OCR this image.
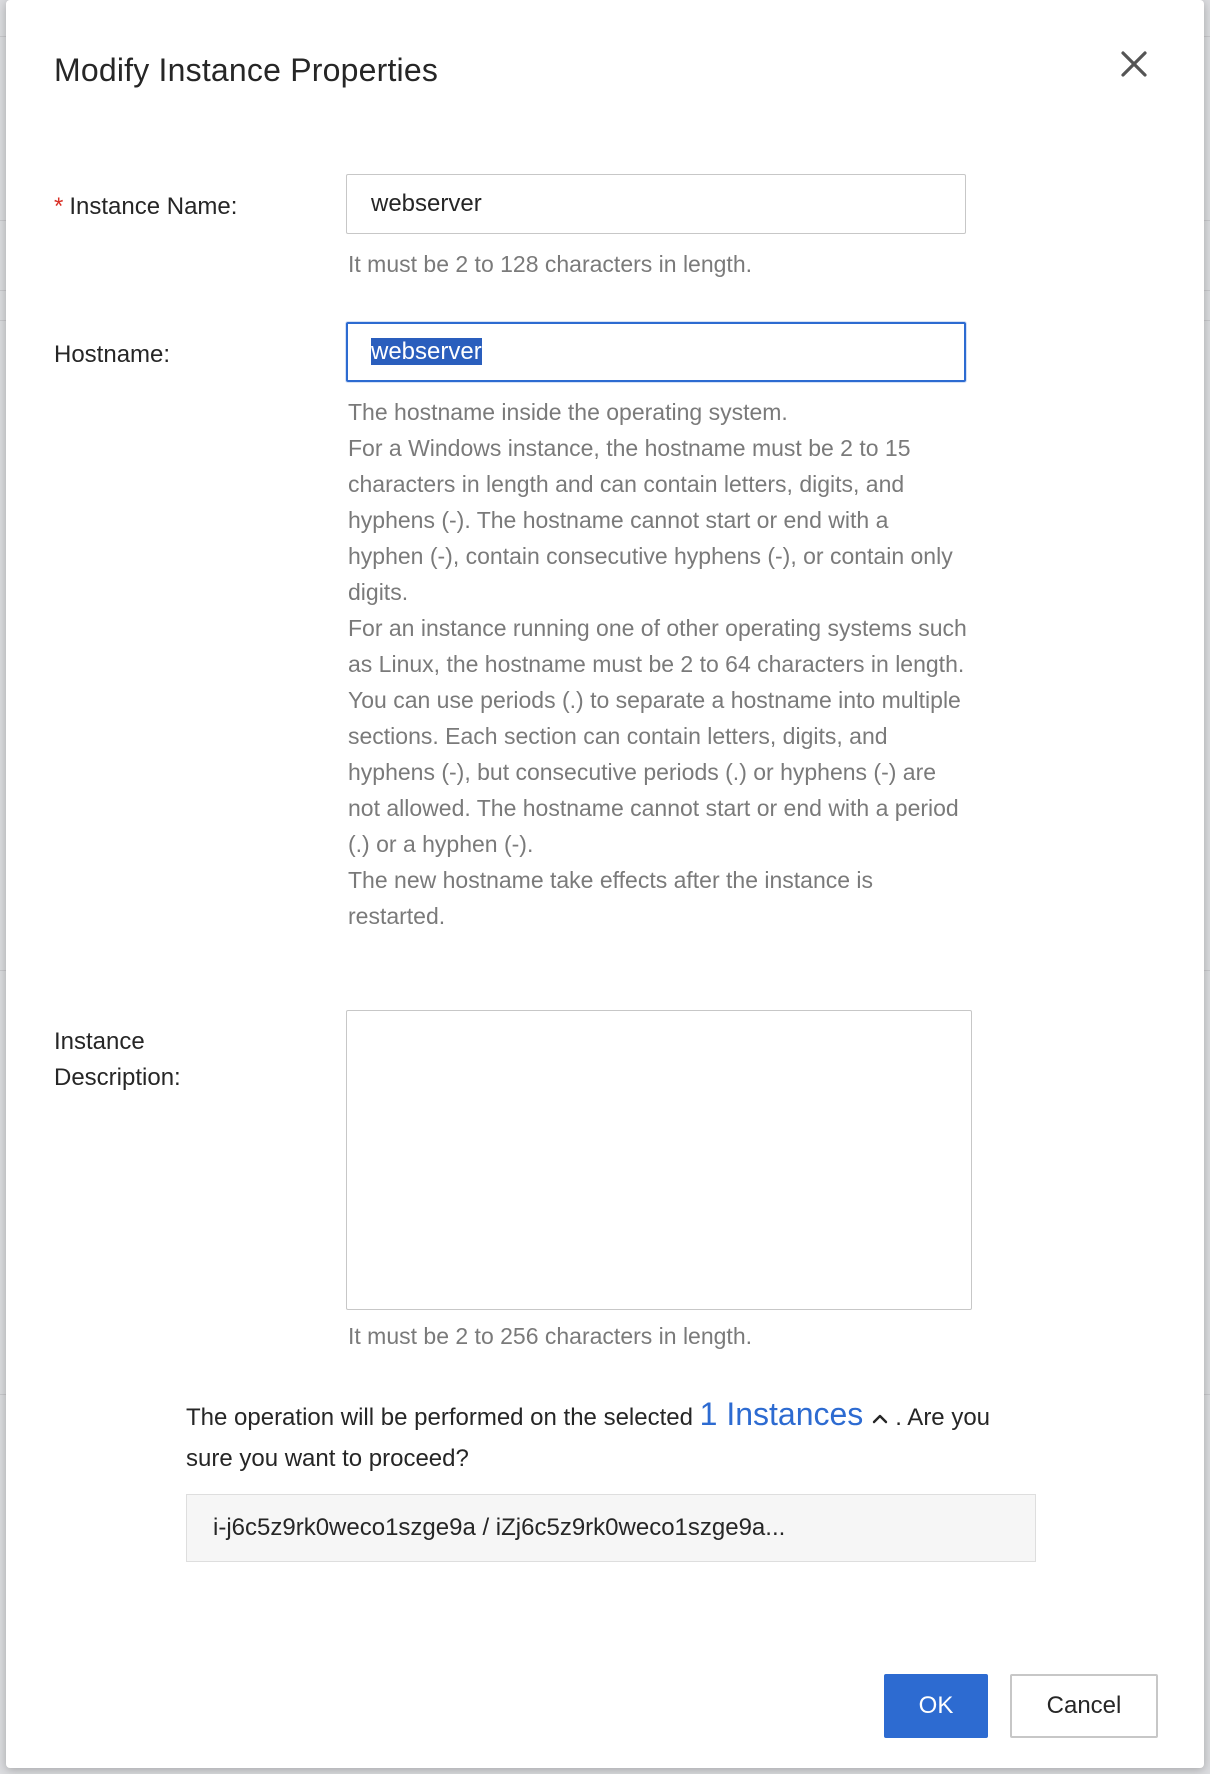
Modify Instance Properties
* Instance Name:	webserver
It must be 2 to 128 characters in length.
Hostname:	webserver

The hostname inside the operating system.

For a Windows instance, the hostname must be 2 to 15 characters in length and can contain letters, digits, and hyphens (-). The hostname cannot start or end with a hyphen (-), contain consecutive hyphens (-), or contain only digits.

For an instance running one of other operating systems such as Linux, the hostname must be 2 to 64 characters in length. You can use periods (.) to separate a hostname into multiple sections. Each section can contain letters, digits, and hyphens (-), but consecutive periods (.) or hyphens (-) are not allowed. The hostname cannot start or end with a period (.) or a hyphen (-).

The new hostname take effects after the instance is restarted.

Instance Description:
It must be 2 to 256 characters in length.
The operation will be performed on the selected 1 Instances . Are you sure you want to proceed?
i-j6c5z9rk0weco1szge9a / iZj6c5z9rk0weco1szge9a...
OK	Cancel
